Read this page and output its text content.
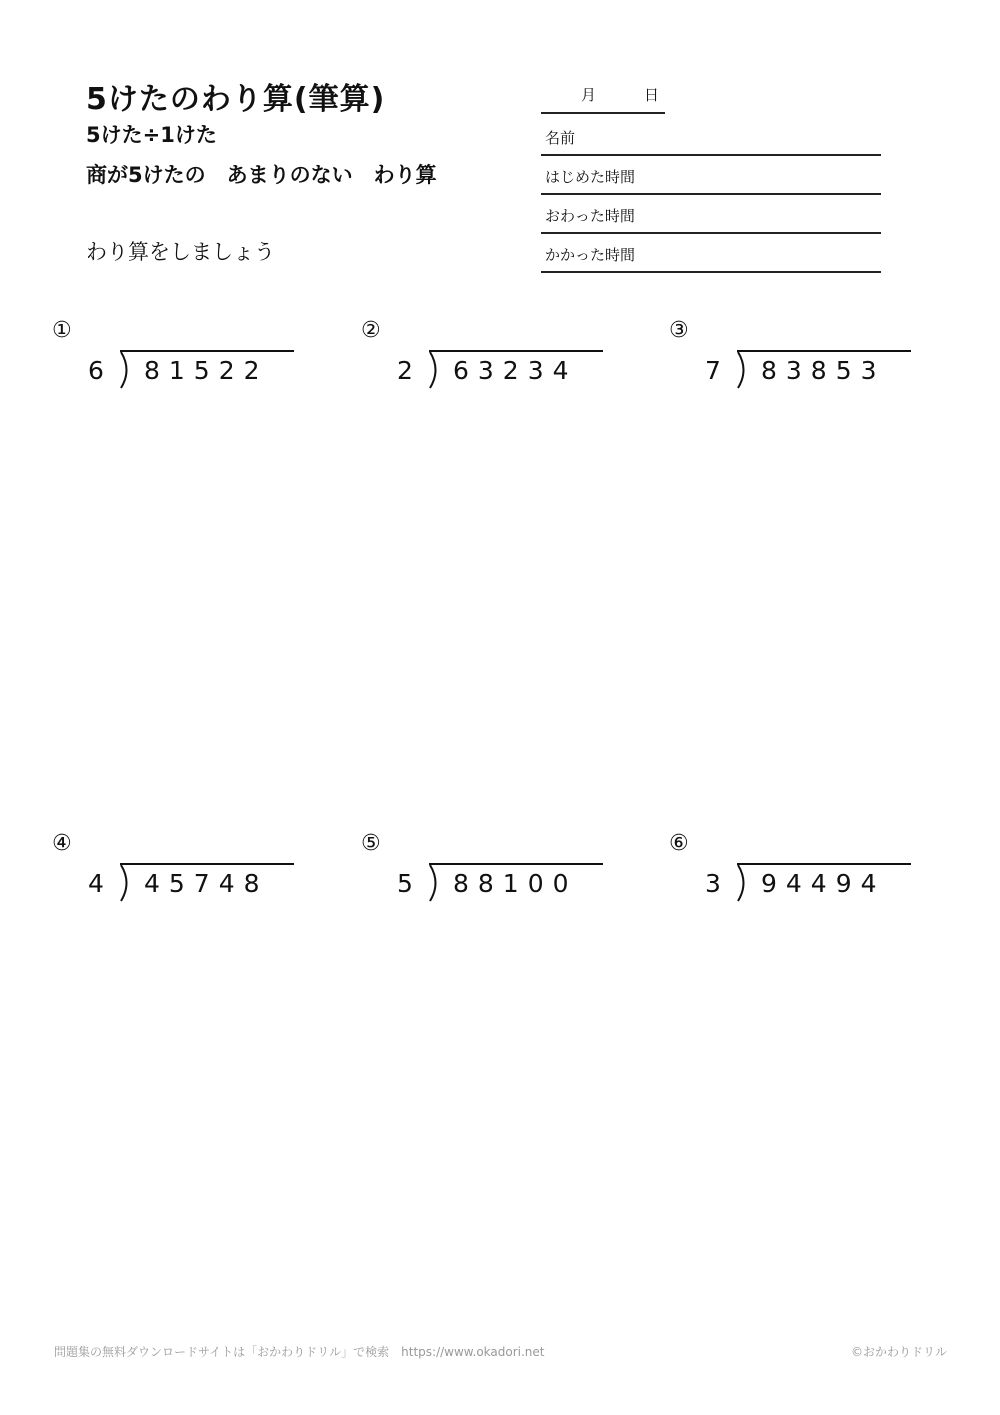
5けたのわり算(筆算)
5けた÷1けた
商が5けたの　あまりのない　わり算
わり算をしましょう
月	日
名前
はじめた時間
おわった時間
かかった時間
①
6 81522
②
2 63234
③
7 83853
④
4 45748
⑤
5 88100
⑥
3 94494
問題集の無料ダウンロードサイトは「おかわりドリル」で検索　https://www.okadori.net	©おかわりドリル
